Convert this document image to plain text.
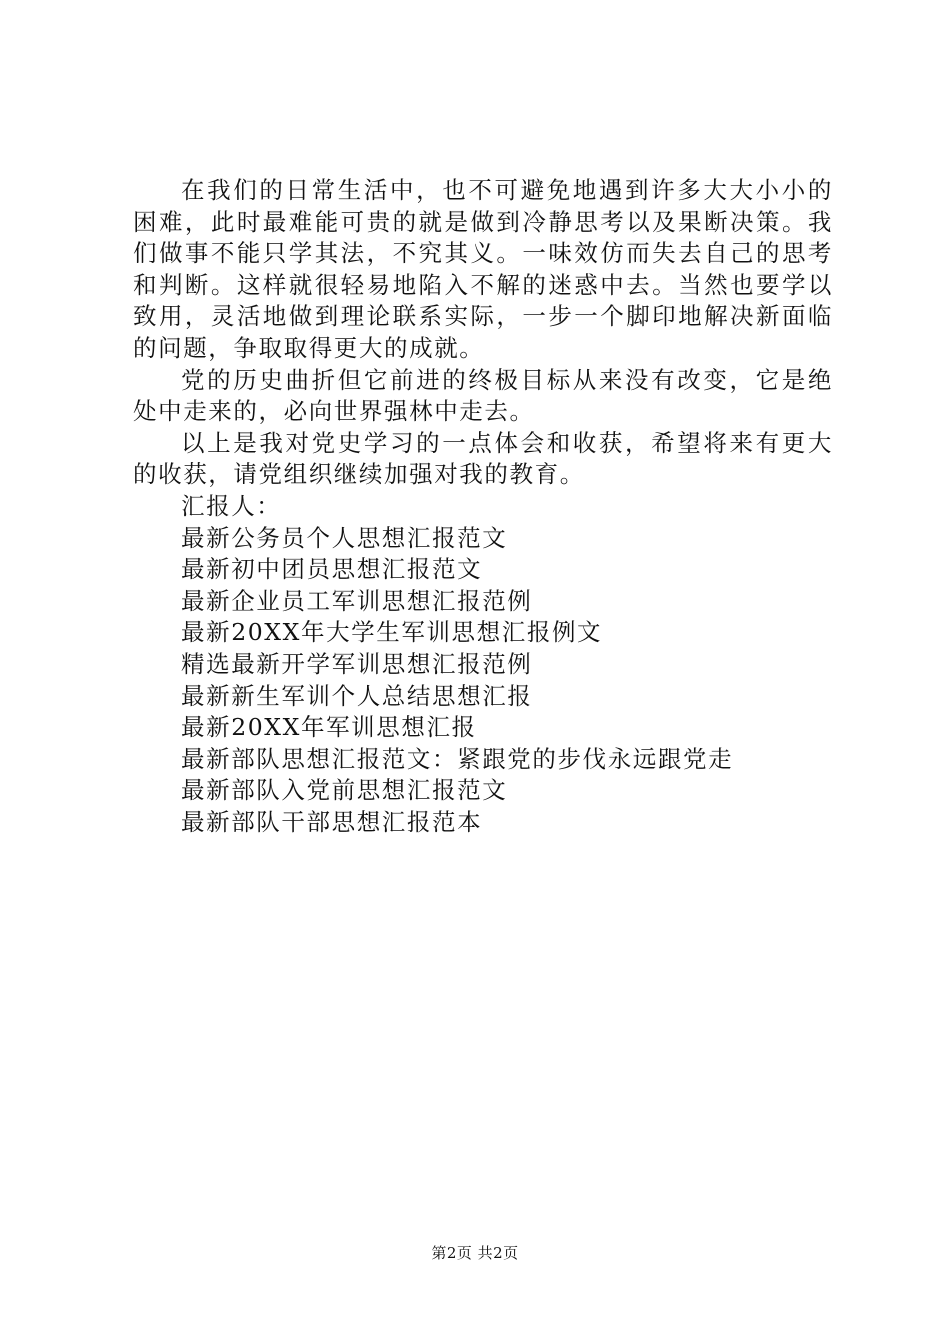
在我们的日常生活中，也不可避免地遇到许多大大小小的困难，此时最难能可贵的就是做到冷静思考以及果断决策。我们做事不能只学其法，不究其义。一味效仿而失去自己的思考和判断。这样就很轻易地陷入不解的迷惑中去。当然也要学以致用，灵活地做到理论联系实际，一步一个脚印地解决新面临的问题，争取取得更大的成就。

党的历史曲折但它前进的终极目标从来没有改变，它是绝处中走来的，必向世界强林中走去。

以上是我对党史学习的一点体会和收获，希望将来有更大的收获，请党组织继续加强对我的教育。

汇报人：

最新公务员个人思想汇报范文

最新初中团员思想汇报范文

最新企业员工军训思想汇报范例

最新20XX年大学生军训思想汇报例文

精选最新开学军训思想汇报范例

最新新生军训个人总结思想汇报

最新20XX年军训思想汇报

最新部队思想汇报范文：紧跟党的步伐永远跟党走

最新部队入党前思想汇报范文

最新部队干部思想汇报范本

第2页 共2页
